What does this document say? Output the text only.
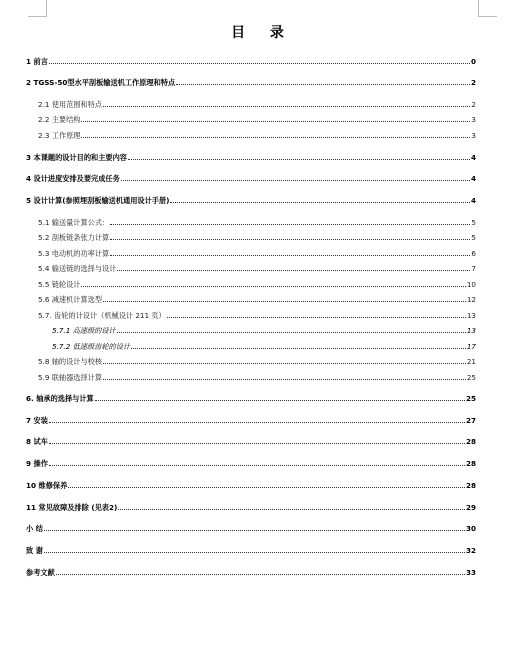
目 录
1 前言	0
2 TGSS-50型水平刮板输送机工作原理和特点	2
2.1 使用范围和特点	2
2.2 主要结构	3
2.3 工作原理	3
3 本课题的设计目的和主要内容	4
4 设计进度安排及要完成任务	4
5 设计计算(参照埋刮板输送机通用设计手册)	4
5.1 输送量计算公式：	5
5.2 刮板链条张力计算	5
5.3 电动机的功率计算	6
5.4 输送链的选择与设计	7
5.5 链轮设计	10
5.6 减速机计算选型	12
5.7. 齿轮的计设计（机械设计 211 页）	13
5.7.1 高速级的设计	13
5.7.2 低速级齿轮的设计	17
5.8 轴的设计与校核	21
5.9 联轴器选择计算	25
6. 轴承的选择与计算	25
7 安装	27
8 试车	28
9 操作	28
10 维修保养	28
11 常见故障及排除 (见表2)	29
小 结	30
致 谢	32
参考文献	33
